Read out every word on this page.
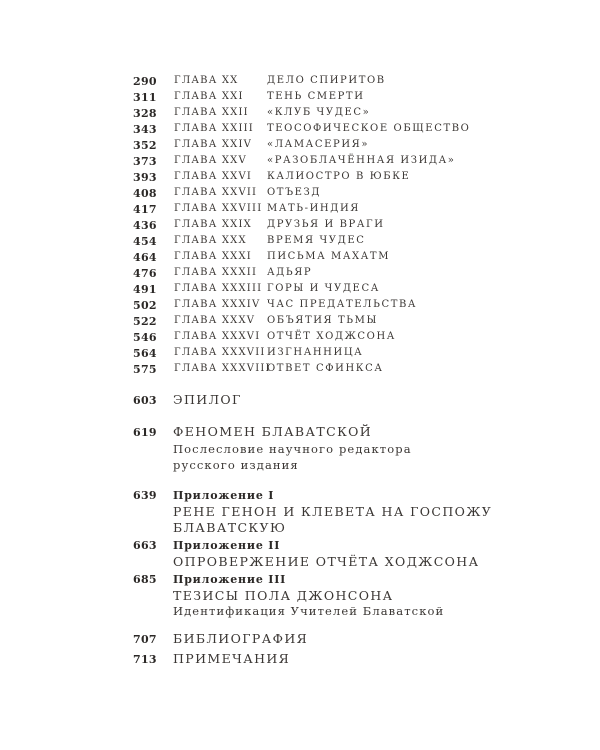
290 ГЛАВА XX	ДЕЛО СПИРИТОВ
311 ГЛАВА XXI ТЕНЬ СМЕРТИ
328 ГЛАВА XXII «КЛУБ ЧУДЕС»
343 ГЛАВА XXIII ТЕОСОФИЧЕСКОЕ ОБЩЕСТВО
352 ГЛАВА XXIV «ЛАМАСЕРИЯ»
373 ГЛАВА XXV «РАЗОБЛАЧЁННАЯ ИЗИДА»
393 ГЛАВА XXVI КАЛИОСТРО В ЮБКЕ
408 ГЛАВА XXVII ОТЪЕЗД
417 ГЛАВА XXVIII МАТЬ-ИНДИЯ
436 ГЛАВА XXIX ДРУЗЬЯ И ВРАГИ
454 ГЛАВА XXX ВРЕМЯ ЧУДЕС
464 ГЛАВА XXXI ПИСЬМА МАХАТМ
476 ГЛАВА XXXII АДЬЯР
491 ГЛАВА XXXIII ГОРЫ И ЧУДЕСА
502 ГЛАВА XXXIV ЧАС ПРЕДАТЕЛЬСТВА
522 ГЛАВА XXXV ОБЪЯТИЯ ТЬМЫ
546 ГЛАВА XXXVI ОТЧЁТ ХОДЖСОНА
564 ГЛАВА XXXVII ИЗГНАННИЦА
575 ГЛАВА XXXVIII
ОТВЕТ СФИНКСА
603 ЭПИЛОГ
619 ФЕНОМЕН БЛАВАТСКОЙ
Послесловие научного редактора
русского издания
639 Приложение I
РЕНЕ ГЕНОН И КЛЕВЕТА НА ГОСПОЖУ
БЛАВАТСКУЮ
663 Приложение II
ОПРОВЕРЖЕНИЕ ОТЧЁТА ХОДЖСОНА
685 Приложение III
ТЕЗИСЫ ПОЛА ДЖОНСОНА
Идентификация Учителей Блаватской
707 БИБЛИОГРАФИЯ
713 ПРИМЕЧАНИЯ
